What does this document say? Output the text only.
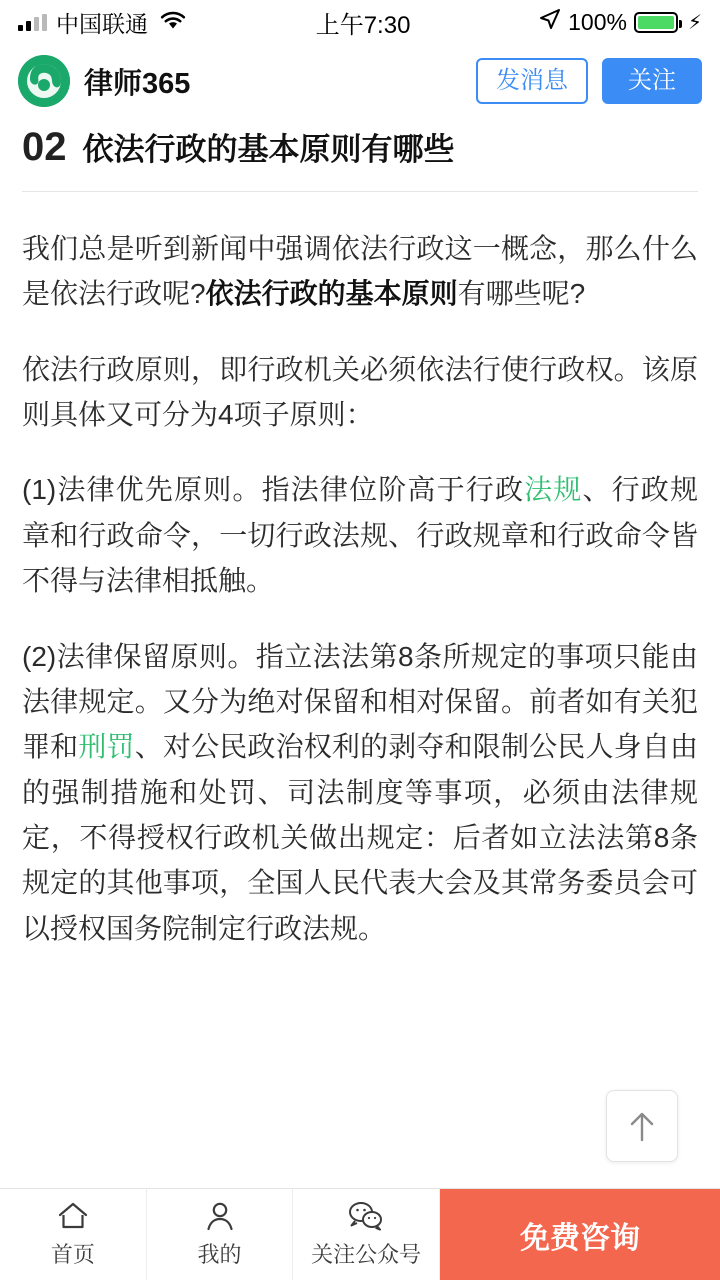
中国联通	上午7:30	100%	⚡
律师365	发消息	关注
02 依法行政的基本原则有哪些

我们总是听到新闻中强调依法行政这一概念，那么什么是依法行政呢?依法行政的基本原则有哪些呢?

依法行政原则，即行政机关必须依法行使行政权。该原则具体又可分为4项子原则：

(1)法律优先原则。指法律位阶高于行政法规、行政规章和行政命令，一切行政法规、行政规章和行政命令皆不得与法律相抵触。

(2)法律保留原则。指立法法第8条所规定的事项只能由法律规定。又分为绝对保留和相对保留。前者如有关犯罪和刑罚、对公民政治权利的剥夺和限制公民人身自由的强制措施和处罚、司法制度等事项，必须由法律规定，不得授权行政机关做出规定：后者如立法法第8条规定的其他事项，全国人民代表大会及其常务委员会可以授权国务院制定行政法规。

首页	我的	关注公众号	免费咨询
